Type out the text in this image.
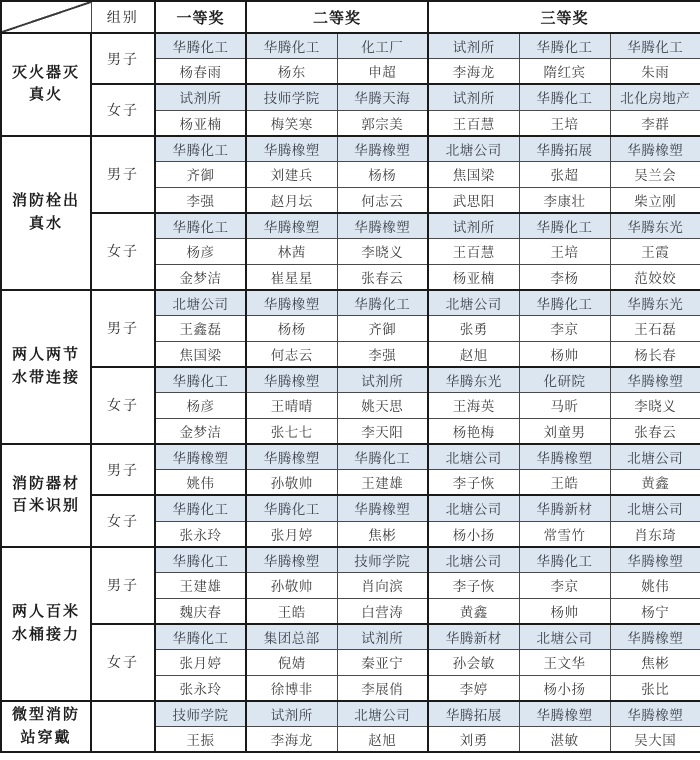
	组别	一等奖	二等奖		三等奖		
灭火器灭真火	男子	华腾化工	华腾化工	化工厂	试剂所	华腾化工	华腾化工
		杨春雨	杨东	申超	李海龙	隋红宾	朱雨
	女子	试剂所	技师学院	华腾天海	试剂所	华腾化工	北化房地产
		杨亚楠	梅笑寒	郭宗美	王百慧	王培	李群
消防栓出真水	男子	华腾化工	华腾橡塑	华腾橡塑	北塘公司	华腾拓展	华腾橡塑
		齐御	刘建兵	杨杨	焦国梁	张超	吴兰会
		李强	赵月坛	何志云	武思阳	李康壮	柴立刚
	女子	华腾化工	华腾橡塑	华腾橡塑	试剂所	华腾化工	华腾东光
		杨彦	林茜	李晓义	王百慧	王培	王霞
		金梦洁	崔星星	张春云	杨亚楠	李杨	范姣姣
两人两节水带连接	男子	北塘公司	华腾橡塑	华腾化工	北塘公司	华腾化工	华腾东光
		王鑫磊	杨杨	齐御	张勇	李京	王石磊
		焦国梁	何志云	李强	赵旭	杨帅	杨长春
	女子	华腾化工	华腾橡塑	试剂所	华腾东光	化研院	华腾橡塑
		杨彦	王晴晴	姚天思	王海英	马昕	李晓义
		金梦洁	张七七	李天阳	杨艳梅	刘童男	张春云
消防器材百米识别	男子	华腾橡塑	华腾橡塑	华腾化工	北塘公司	华腾橡塑	北塘公司
		姚伟	孙敬帅	王建雄	李子恢	王皓	黄鑫
	女子	华腾化工	华腾化工	华腾橡塑	北塘公司	华腾新材	北塘公司
		张永玲	张月婷	焦彬	杨小扬	常雪竹	肖东琦
两人百米水桶接力	男子	华腾化工	华腾橡塑	技师学院	北塘公司	华腾化工	华腾橡塑
		王建雄	孙敬帅	肖向滨	李子恢	李京	姚伟
		魏庆春	王皓	白营涛	黄鑫	杨帅	杨宁
	女子	华腾化工	集团总部	试剂所	华腾新材	北塘公司	华腾橡塑
		张月婷	倪婧	秦亚宁	孙会敏	王文华	焦彬
		张永玲	徐博非	李展俏	李婷	杨小扬	张比
微型消防站穿戴		技师学院	试剂所	北塘公司	华腾拓展	华腾橡塑	华腾橡塑
		王振	李海龙	赵旭	刘勇	湛敏	吴大国
